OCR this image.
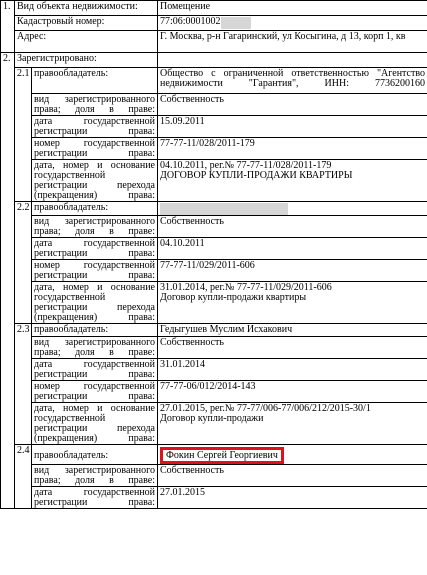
1.	Вид объекта недвижимости:		Помещение
	Кадастровый номер:		77:06:0001002
	Адрес:		Г. Москва, р-н Гагаринский, ул Косыгина, д 13, корп 1, кв
2.	Зарегистрировано:		
	2.1	правообладатель:	Общество с ограниченной ответственностью "Агентство недвижимости "Гарантия", ИНН: 7736200160
		вид зарегистрированного права; доля в праве:	Собственность
		дата государственной регистрации права:	15.09.2011
		номер государственной регистрации права:	77-77-11/028/2011-179
		дата, номер и основание государственной регистрации перехода (прекращения) права:	04.10.2011, рег.№ 77-77-11/028/2011-179
ДОГОВОР КУПЛИ-ПРОДАЖИ КВАРТИРЫ

	2.2	правообладатель:	
		вид зарегистрированного права; доля в праве:	Собственность
		дата государственной регистрации права:	04.10.2011
		номер государственной регистрации права:	77-77-11/029/2011-606
		дата, номер и основание государственной регистрации перехода (прекращения) права:	31.01.2014, рег.№ 77-77-11/029/2011-606
Договор купли-продажи квартиры

	2.3	правообладатель:	Гедыгушев Муслим Исхакович
		вид зарегистрированного права; доля в праве:	Собственность
		дата государственной регистрации права:	31.01.2014
		номер государственной регистрации права:	77-77-06/012/2014-143
		дата, номер и основание государственной регистрации перехода (прекращения) права:	27.01.2015, рег.№ 77-77/006-77/006/212/2015-30/1
Договор купли-продажи

	2.4	правообладатель:	Фокин Сергей Георгиевич
		вид зарегистрированного права; доля в праве:	Собственность
		дата государственной регистрации права:	27.01.2015
